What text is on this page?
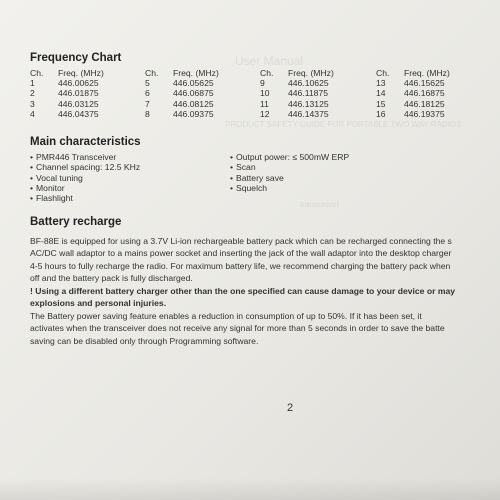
User Manual
PRODUCT SAFETY GUIDE FOR PORTABLE TWO WAY RADIOS
transceiver
Frequency Chart
Ch.
1
2
3
4
Freq. (MHz)
446.00625
446.01875
446.03125
446.04375
Ch.
5
6
7
8
Freq. (MHz)
446.05625
446.06875
446.08125
446.09375
Ch.
9
10
11
12
Freq. (MHz)
446.10625
446.11875
446.13125
446.14375
Ch.
13
14
15
16
Freq. (MHz)
446.15625
446.16875
446.18125
446.19375
Main characteristics
• PMR446 Transceiver
• Channel spacing: 12.5 KHz
• Vocal tuning
• Monitor
• Flashlight
• Output power: ≤ 500mW ERP
• Scan
• Battery save
• Squelch
Battery recharge
BF-88E is equipped for using a 3.7V Li-ion rechargeable battery pack which can be recharged connecting the s
AC/DC wall adaptor to a mains power socket and inserting the jack of the wall adaptor into the desktop charger
4-5 hours to fully recharge the radio. For maximum battery life, we recommend charging the battery pack when
off and the battery pack is fully discharged.
! Using a different battery charger other than the one specified can cause damage to your device or may
explosions and personal injuries.
The Battery power saving feature enables a reduction in consumption of up to 50%. If it has been set, it
activates when the transceiver does not receive any signal for more than 5 seconds in order to save the batte
saving can be disabled only through Programming software.
2
